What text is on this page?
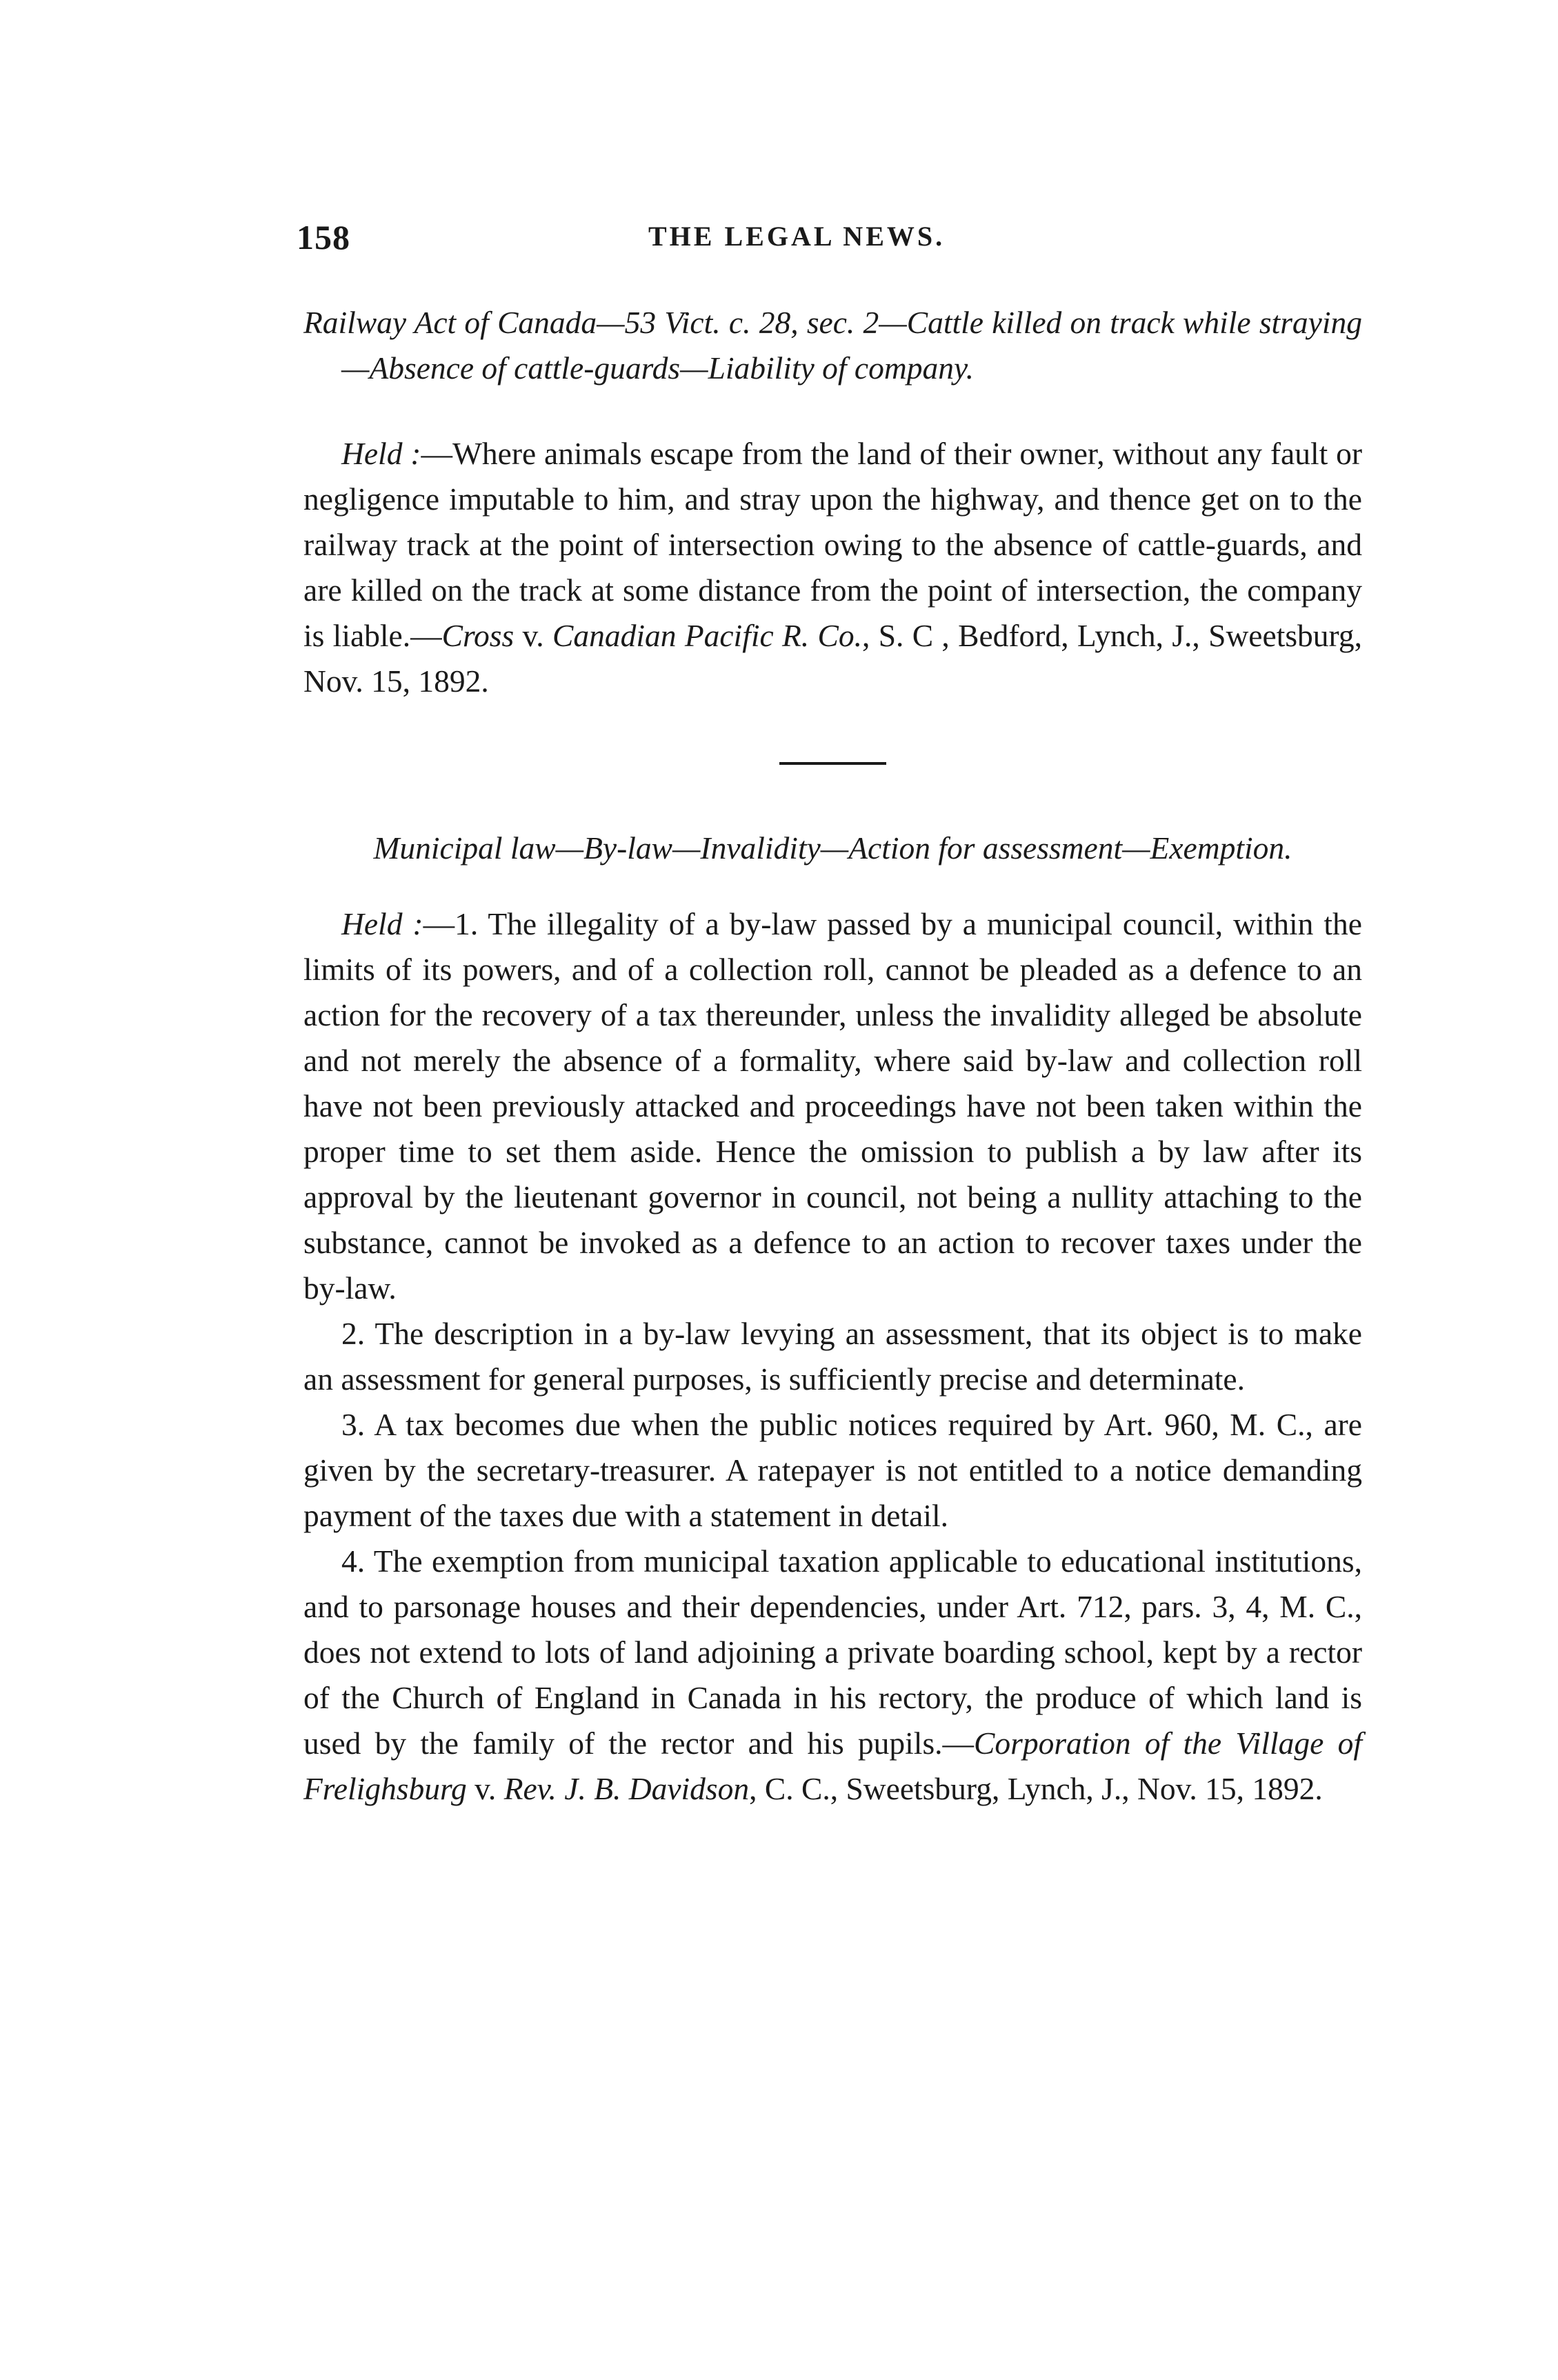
158	THE LEGAL NEWS.

Railway Act of Canada—53 Vict. c. 28, sec. 2—Cattle killed on track while straying—Absence of cattle-guards—Liability of company.

Held :—Where animals escape from the land of their owner, without any fault or negligence imputable to him, and stray upon the highway, and thence get on to the railway track at the point of intersection owing to the absence of cattle-guards, and are killed on the track at some distance from the point of intersection, the company is liable.—Cross v. Canadian Pacific R. Co., S. C , Bedford, Lynch, J., Sweetsburg, Nov. 15, 1892.

Municipal law—By-law—Invalidity—Action for assessment—Exemption.

Held :—1. The illegality of a by-law passed by a municipal council, within the limits of its powers, and of a collection roll, cannot be pleaded as a defence to an action for the recovery of a tax thereunder, unless the invalidity alleged be absolute and not merely the absence of a formality, where said by-law and collection roll have not been previously attacked and proceedings have not been taken within the proper time to set them aside. Hence the omission to publish a by law after its approval by the lieutenant governor in council, not being a nullity attaching to the substance, cannot be invoked as a defence to an action to recover taxes under the by-law.

2. The description in a by-law levying an assessment, that its object is to make an assessment for general purposes, is sufficiently precise and determinate.

3. A tax becomes due when the public notices required by Art. 960, M. C., are given by the secretary-treasurer. A ratepayer is not entitled to a notice demanding payment of the taxes due with a statement in detail.

4. The exemption from municipal taxation applicable to educational institutions, and to parsonage houses and their dependencies, under Art. 712, pars. 3, 4, M. C., does not extend to lots of land adjoining a private boarding school, kept by a rector of the Church of England in Canada in his rectory, the produce of which land is used by the family of the rector and his pupils.—Corporation of the Village of Frelighsburg v. Rev. J. B. Davidson, C. C., Sweetsburg, Lynch, J., Nov. 15, 1892.
